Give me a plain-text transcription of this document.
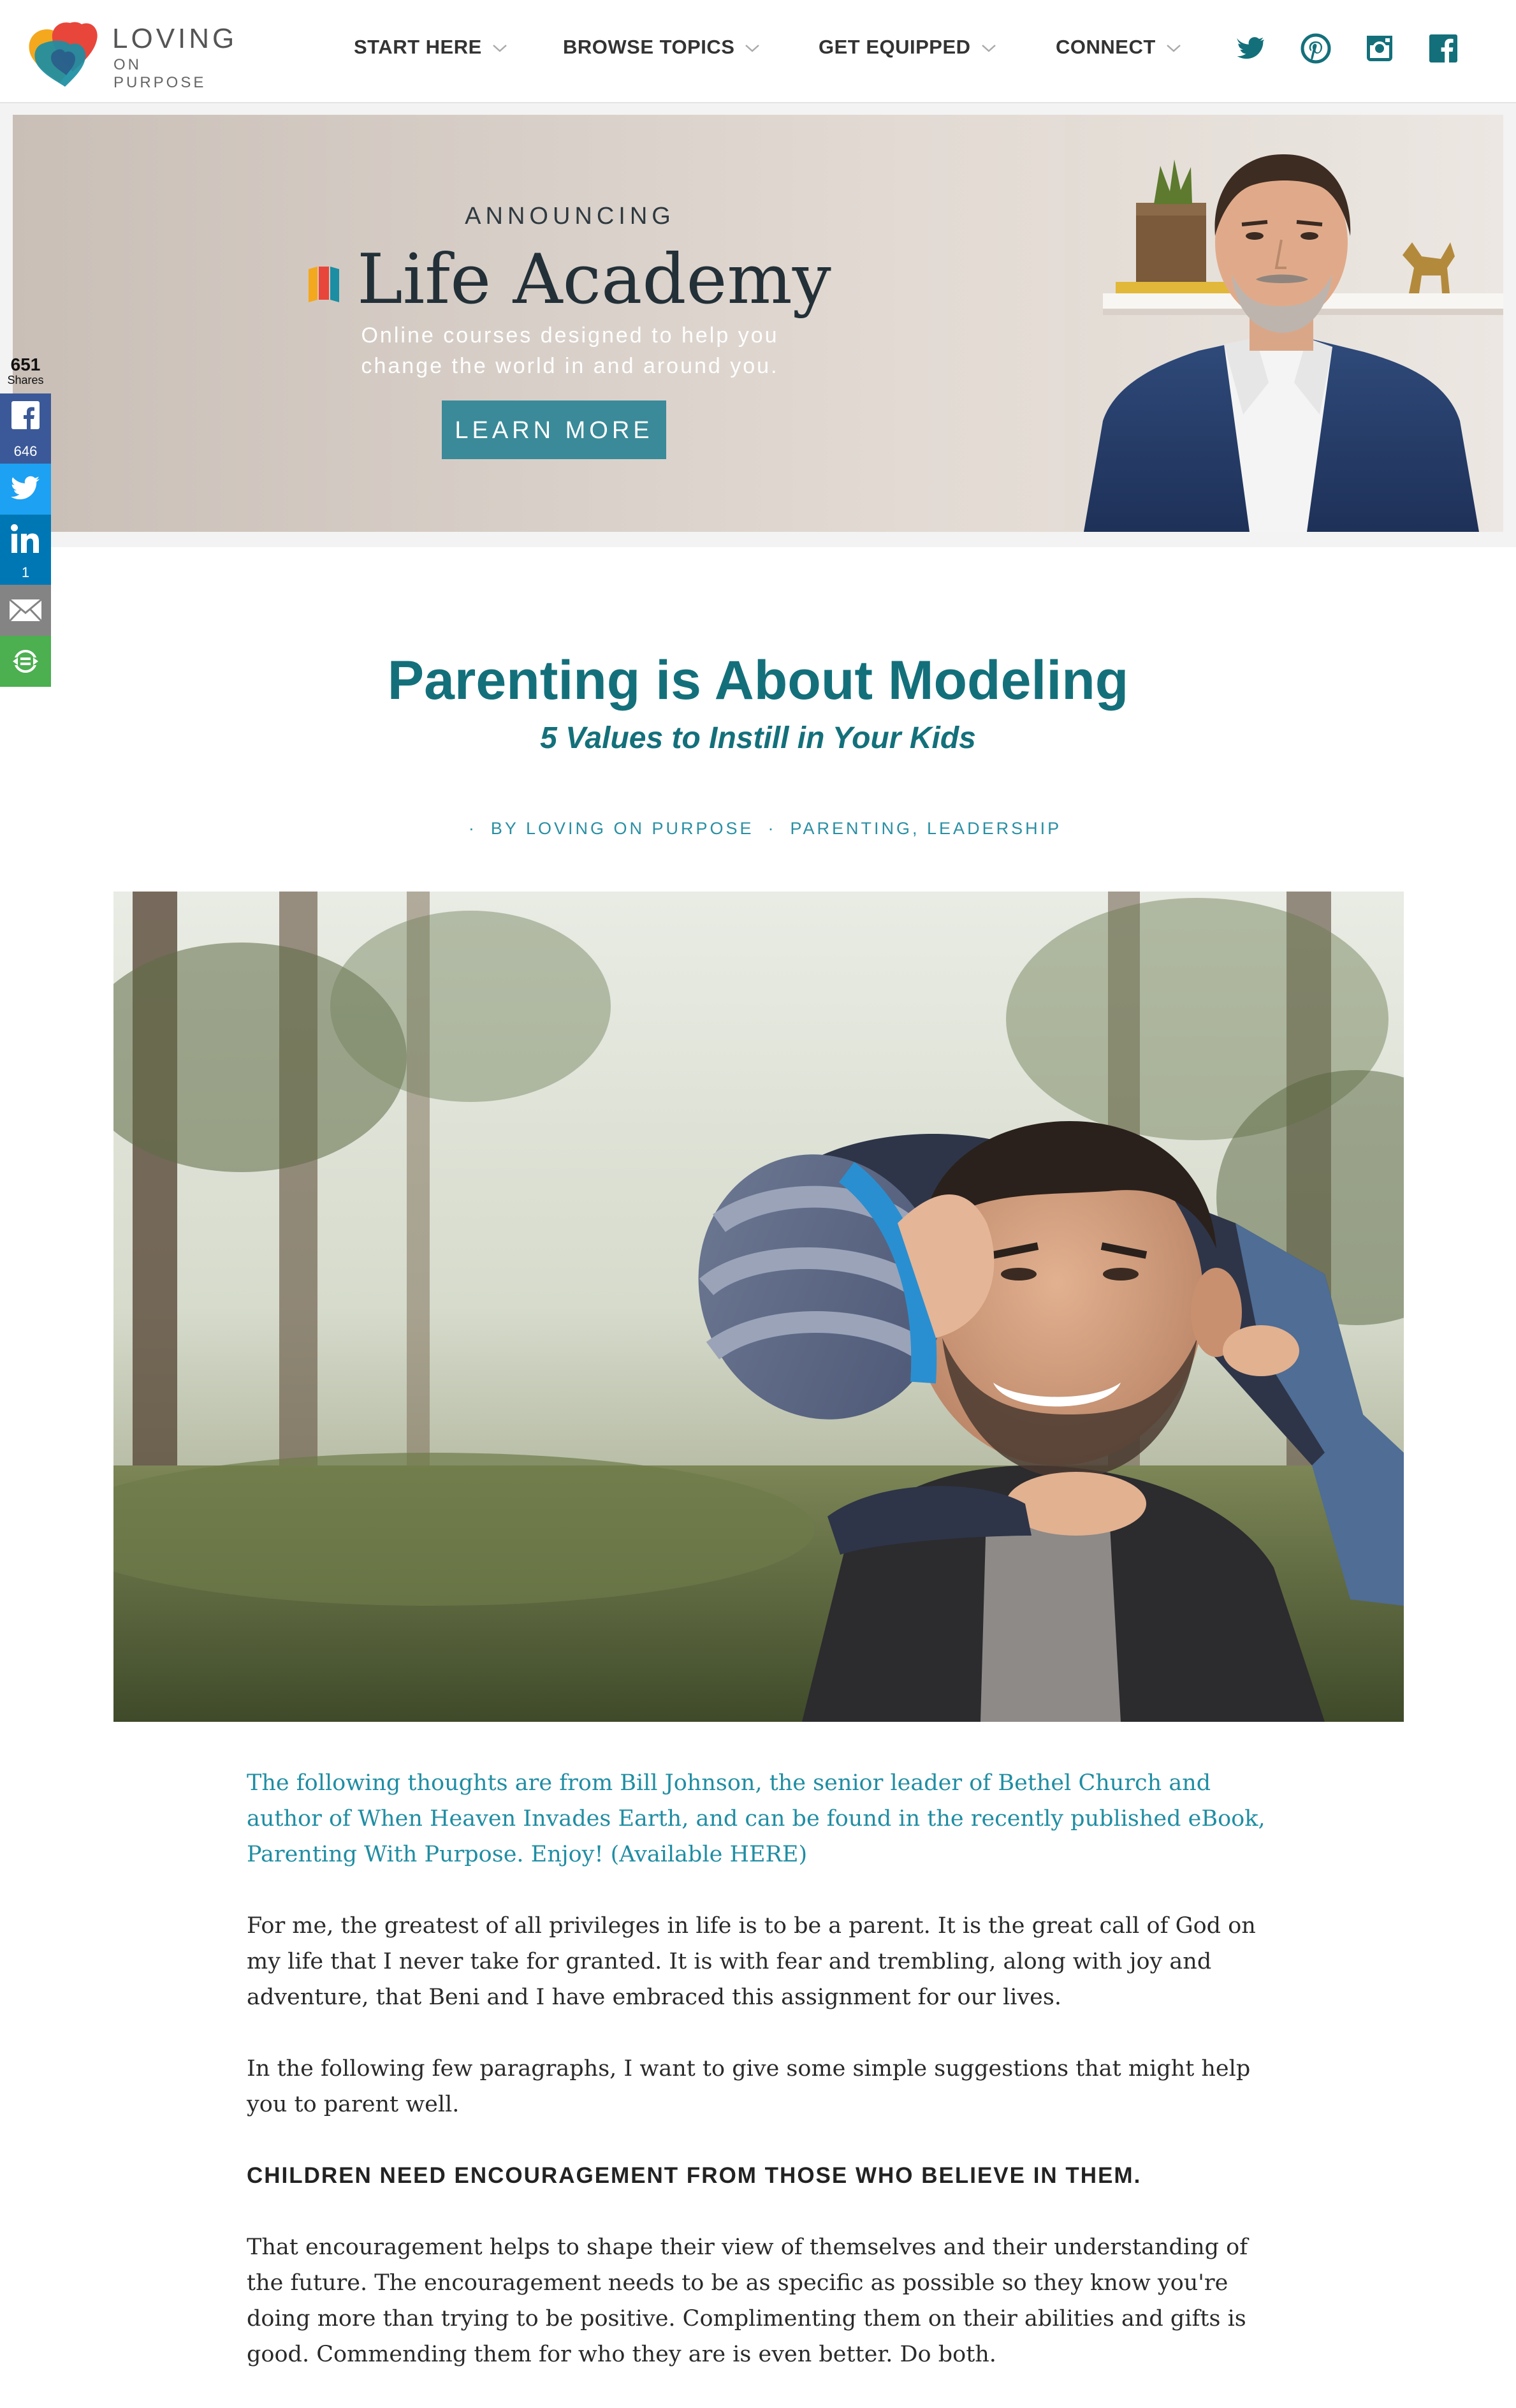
LOVING
ON PURPOSE
START HERE	BROWSE TOPICS	GET EQUIPPED	CONNECT
ANNOUNCING
Life Academy
Online courses designed to help you
change the world in and around you.
LEARN MORE
651
Shares
646
1
Parenting is About Modeling
5 Values to Instill in Your Kids
· BY LOVING ON PURPOSE · PARENTING, LEADERSHIP

The following thoughts are from Bill Johnson, the senior leader of Bethel Church and author of When Heaven Invades Earth, and can be found in the recently published eBook, Parenting With Purpose. Enjoy! (Available HERE)

For me, the greatest of all privileges in life is to be a parent. It is the great call of God on my life that I never take for granted. It is with fear and trembling, along with joy and adventure, that Beni and I have embraced this assignment for our lives.

In the following few paragraphs, I want to give some simple suggestions that might help you to parent well.

CHILDREN NEED ENCOURAGEMENT FROM THOSE WHO BELIEVE IN THEM.

That encouragement helps to shape their view of themselves and their understanding of the future. The encouragement needs to be as specific as possible so they know you're doing more than trying to be positive. Complimenting them on their abilities and gifts is good. Commending them for who they are is even better. Do both.
